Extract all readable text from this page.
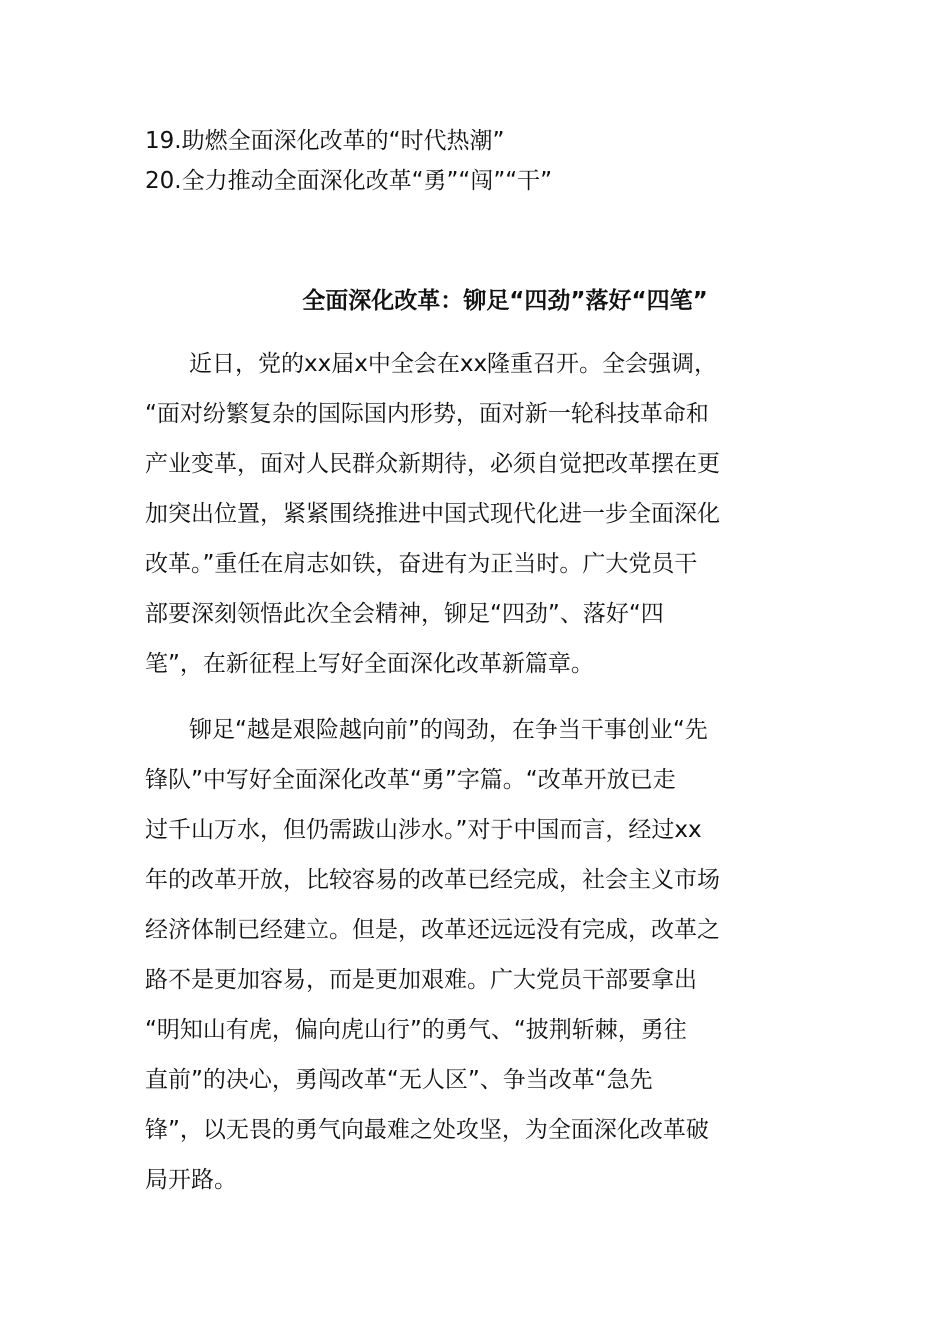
19.助燃全面深化改革的“时代热潮”
20.全力推动全面深化改革“勇”“闯”“干”
全面深化改革：铆足“四劲”落好“四笔”
近日，党的xx届x中全会在xx隆重召开。全会强调，
“面对纷繁复杂的国际国内形势，面对新一轮科技革命和
产业变革，面对人民群众新期待，必须自觉把改革摆在更
加突出位置，紧紧围绕推进中国式现代化进一步全面深化
改革。”重任在肩志如铁，奋进有为正当时。广大党员干
部要深刻领悟此次全会精神，铆足“四劲”、落好“四
笔”，在新征程上写好全面深化改革新篇章。
铆足“越是艰险越向前”的闯劲，在争当干事创业“先
锋队”中写好全面深化改革“勇”字篇。“改革开放已走
过千山万水，但仍需跋山涉水。”对于中国而言，经过xx
年的改革开放，比较容易的改革已经完成，社会主义市场
经济体制已经建立。但是，改革还远远没有完成，改革之
路不是更加容易，而是更加艰难。广大党员干部要拿出
“明知山有虎，偏向虎山行”的勇气、“披荆斩棘，勇往
直前”的决心，勇闯改革“无人区”、争当改革“急先
锋”，以无畏的勇气向最难之处攻坚，为全面深化改革破
局开路。
